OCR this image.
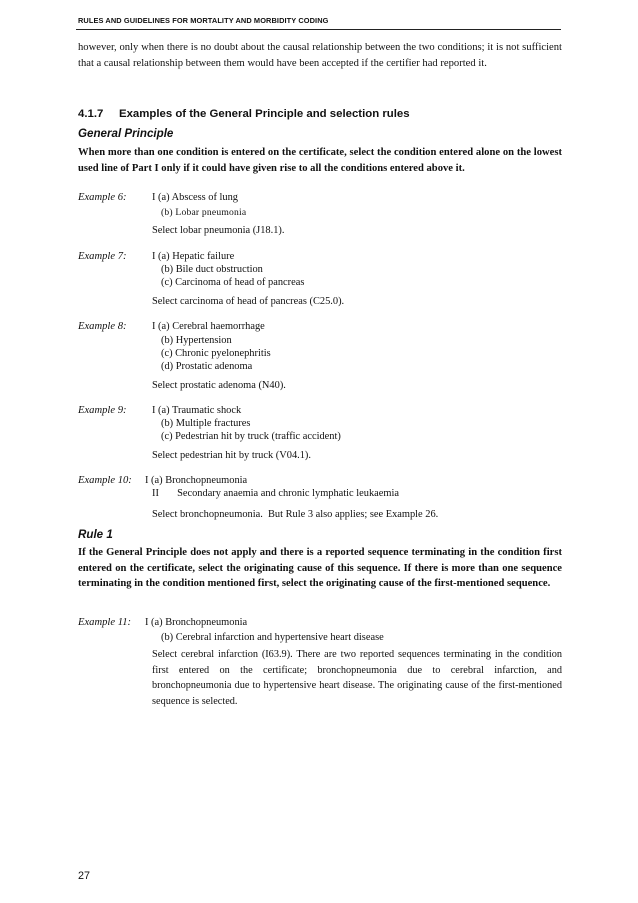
RULES AND GUIDELINES FOR MORTALITY AND MORBIDITY CODING
however, only when there is no doubt about the causal relationship between the two conditions; it is not sufficient that a causal relationship between them would have been accepted if the certifier had reported it.
4.1.7 Examples of the General Principle and selection rules
General Principle
When more than one condition is entered on the certificate, select the condition entered alone on the lowest used line of Part I only if it could have given rise to all the conditions entered above it.
Example 6: I (a) Abscess of lung
(b) Lobar pneumonia
Select lobar pneumonia (J18.1).
Example 7: I (a) Hepatic failure
(b) Bile duct obstruction
(c) Carcinoma of head of pancreas
Select carcinoma of head of pancreas (C25.0).
Example 8: I (a) Cerebral haemorrhage
(b) Hypertension
(c) Chronic pyelonephritis
(d) Prostatic adenoma
Select prostatic adenoma (N40).
Example 9: I (a) Traumatic shock
(b) Multiple fractures
(c) Pedestrian hit by truck (traffic accident)
Select pedestrian hit by truck (V04.1).
Example 10: I (a) Bronchopneumonia
II       Secondary anaemia and chronic lymphatic leukaemia
Select bronchopneumonia.  But Rule 3 also applies; see Example 26.
Rule 1
If the General Principle does not apply and there is a reported sequence terminating in the condition first entered on the certificate, select the originating cause of this sequence. If there is more than one sequence terminating in the condition mentioned first, select the originating cause of the first-mentioned sequence.
Example 11: I (a) Bronchopneumonia
(b) Cerebral infarction and hypertensive heart disease
Select cerebral infarction (I63.9). There are two reported sequences terminating in the condition first entered on the certificate; bronchopneumonia due to cerebral infarction, and bronchopneumonia due to hypertensive heart disease. The originating cause of the first-mentioned sequence is selected.
27
